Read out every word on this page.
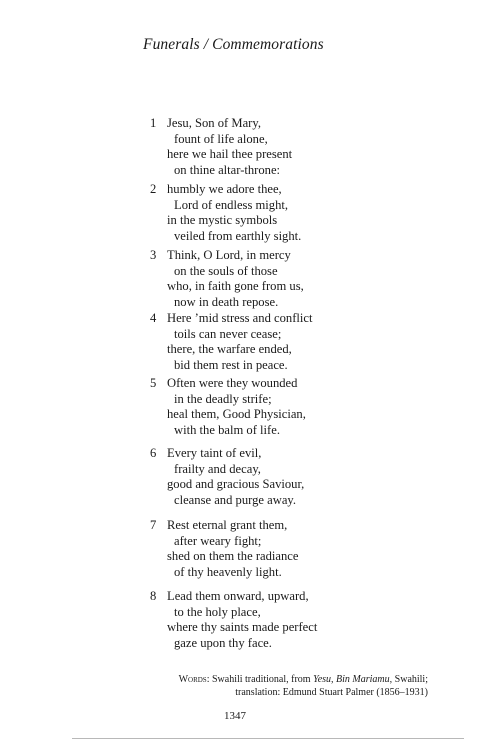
Funerals / Commemorations
1 Jesu, Son of Mary,
fount of life alone,
here we hail thee present
on thine altar-throne:
2 humbly we adore thee,
Lord of endless might,
in the mystic symbols
veiled from earthly sight.
3 Think, O Lord, in mercy
on the souls of those
who, in faith gone from us,
now in death repose.
4 Here ’mid stress and conflict
toils can never cease;
there, the warfare ended,
bid them rest in peace.
5 Often were they wounded
in the deadly strife;
heal them, Good Physician,
with the balm of life.
6 Every taint of evil,
frailty and decay,
good and gracious Saviour,
cleanse and purge away.
7 Rest eternal grant them,
after weary fight;
shed on them the radiance
of thy heavenly light.
8 Lead them onward, upward,
to the holy place,
where thy saints made perfect
gaze upon thy face.
Words: Swahili traditional, from Yesu, Bin Mariamu, Swahili;
translation: Edmund Stuart Palmer (1856–1931)
1347
